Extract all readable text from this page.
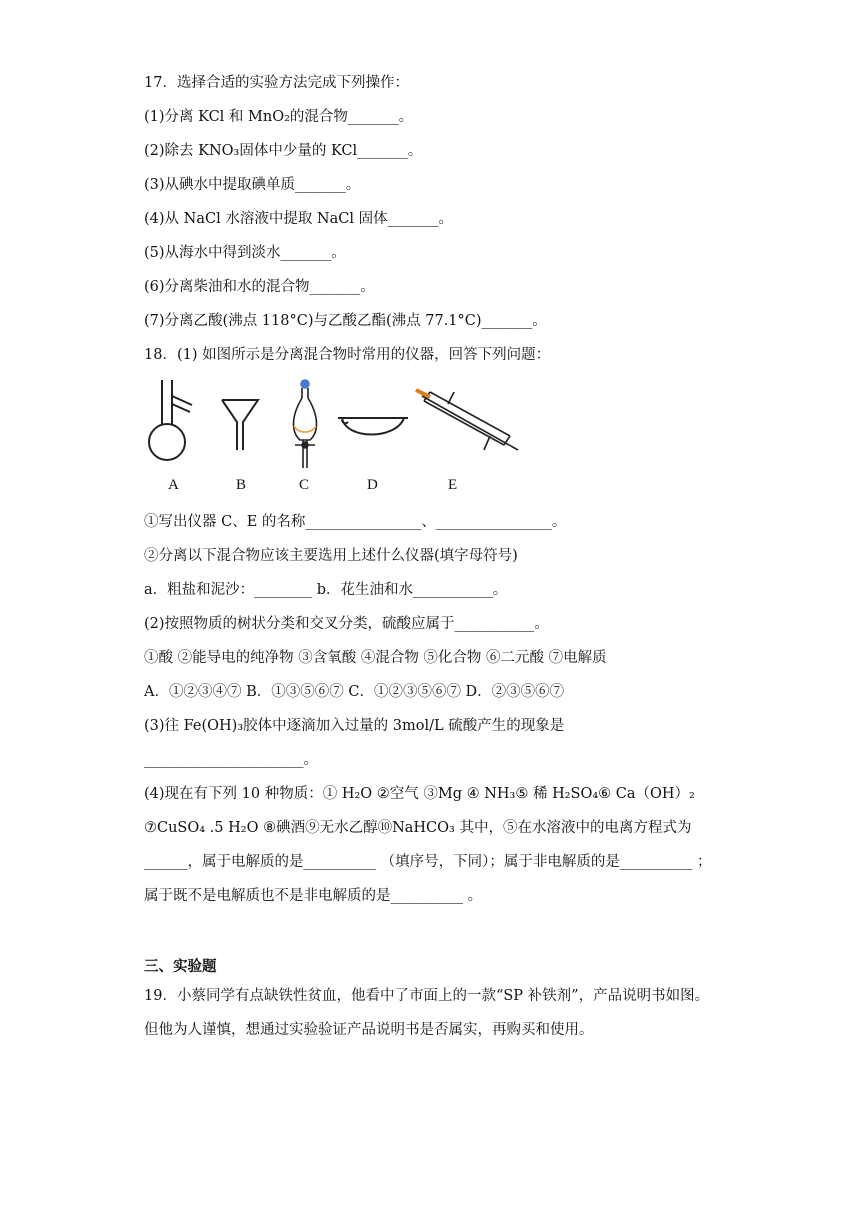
17．选择合适的实验方法完成下列操作：
(1)分离 KCl 和 MnO₂的混合物_______。
(2)除去 KNO₃固体中少量的 KCl_______。
(3)从碘水中提取碘单质_______。
(4)从 NaCl 水溶液中提取 NaCl 固体_______。
(5)从海水中得到淡水_______。
(6)分离柴油和水的混合物_______。
(7)分离乙酸(沸点 118°C)与乙酸乙酯(沸点 77.1°C)_______。
18．(1) 如图所示是分离混合物时常用的仪器，回答下列问题：
A	B	C	D	E
①写出仪器 C、E 的名称________________、________________。
②分离以下混合物应该主要选用上述什么仪器(填字母符号)
a．粗盐和泥沙：________ b．花生油和水___________。
(2)按照物质的树状分类和交叉分类，硫酸应属于___________。
①酸 ②能导电的纯净物 ③含氧酸 ④混合物 ⑤化合物 ⑥二元酸 ⑦电解质
A．①②③④⑦ B．①③⑤⑥⑦ C．①②③⑤⑥⑦ D．②③⑤⑥⑦
(3)往 Fe(OH)₃胶体中逐滴加入过量的 3mol/L 硫酸产生的现象是
______________________。
(4)现在有下列 10 种物质：① H₂O ②空气 ③Mg ④ NH₃⑤ 稀 H₂SO₄⑥ Ca（OH）₂
⑦CuSO₄ .5 H₂O ⑧碘酒⑨无水乙醇⑩NaHCO₃ 其中，⑤在水溶液中的电离方程式为
______，属于电解质的是__________ （填序号，下同）；属于非电解质的是__________ ；
属于既不是电解质也不是非电解质的是__________ 。
三、实验题
19．小蔡同学有点缺铁性贫血，他看中了市面上的一款“SP 补铁剂”，产品说明书如图。
但他为人谨慎，想通过实验验证产品说明书是否属实，再购买和使用。
